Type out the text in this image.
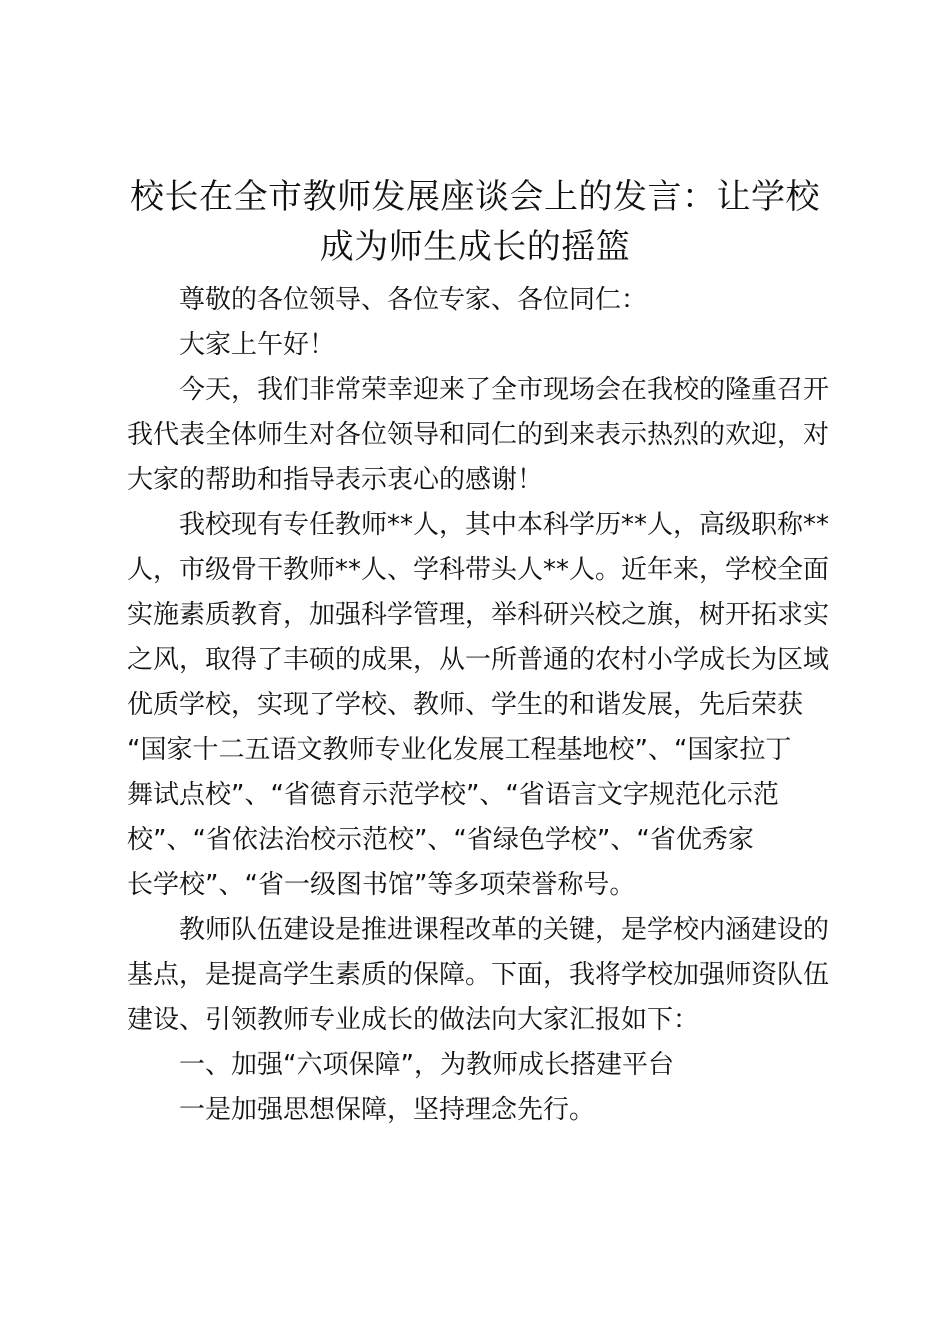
校长在全市教师发展座谈会上的发言：让学校
成为师生成长的摇篮

尊敬的各位领导、各位专家、各位同仁：

大家上午好！

今天，我们非常荣幸迎来了全市现场会在我校的隆重召开
我代表全体师生对各位领导和同仁的到来表示热烈的欢迎，对
大家的帮助和指导表示衷心的感谢！

我校现有专任教师**人，其中本科学历**人，高级职称**
人，市级骨干教师**人、学科带头人**人。近年来，学校全面
实施素质教育，加强科学管理，举科研兴校之旗，树开拓求实
之风，取得了丰硕的成果，从一所普通的农村小学成长为区域
优质学校，实现了学校、教师、学生的和谐发展，先后荣获
“国家十二五语文教师专业化发展工程基地校”、“国家拉丁
舞试点校”、“省德育示范学校”、“省语言文字规范化示范
校”、“省依法治校示范校”、“省绿色学校”、“省优秀家
长学校”、“省一级图书馆”等多项荣誉称号。

教师队伍建设是推进课程改革的关键，是学校内涵建设的
基点，是提高学生素质的保障。下面，我将学校加强师资队伍
建设、引领教师专业成长的做法向大家汇报如下：

一、加强“六项保障”，为教师成长搭建平台

一是加强思想保障，坚持理念先行。
